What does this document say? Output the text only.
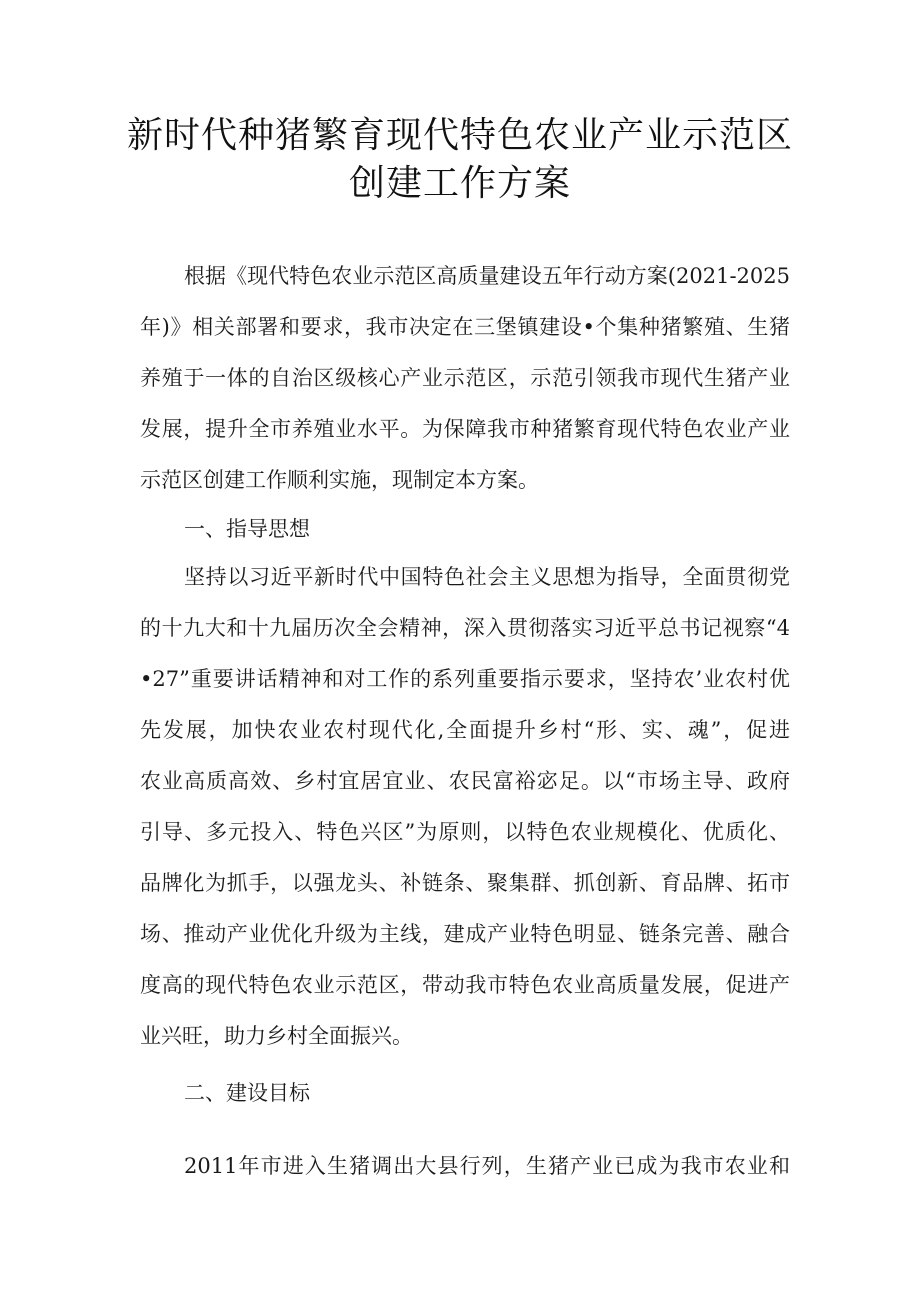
新时代种猪繁育现代特色农业产业示范区
创建工作方案
根据《现代特色农业示范区高质量建设五年行动方案(2021-2025
年)》相关部署和要求，我市决定在三堡镇建设•个集种猪繁殖、生猪
养殖于一体的自治区级核心产业示范区，示范引领我市现代生猪产业
发展，提升全市养殖业水平。为保障我市种猪繁育现代特色农业产业
示范区创建工作顺利实施，现制定本方案。
一、指导思想
坚持以习近平新时代中国特色社会主义思想为指导，全面贯彻党
的十九大和十九届历次全会精神，深入贯彻落实习近平总书记视察“4
•27”重要讲话精神和对工作的系列重要指示要求，坚持农’业农村优
先发展，加快农业农村现代化,全面提升乡村“形、实、魂”，促进
农业高质高效、乡村宜居宜业、农民富裕宓足。以“市场主导、政府
引导、多元投入、特色兴区”为原则，以特色农业规模化、优质化、
品牌化为抓手，以强龙头、补链条、聚集群、抓创新、育品牌、拓市
场、推动产业优化升级为主线，建成产业特色明显、链条完善、融合
度高的现代特色农业示范区，带动我市特色农业高质量发展，促进产
业兴旺，助力乡村全面振兴。
二、建设目标
2011年市进入生猪调出大县行列，生猪产业已成为我市农业和
